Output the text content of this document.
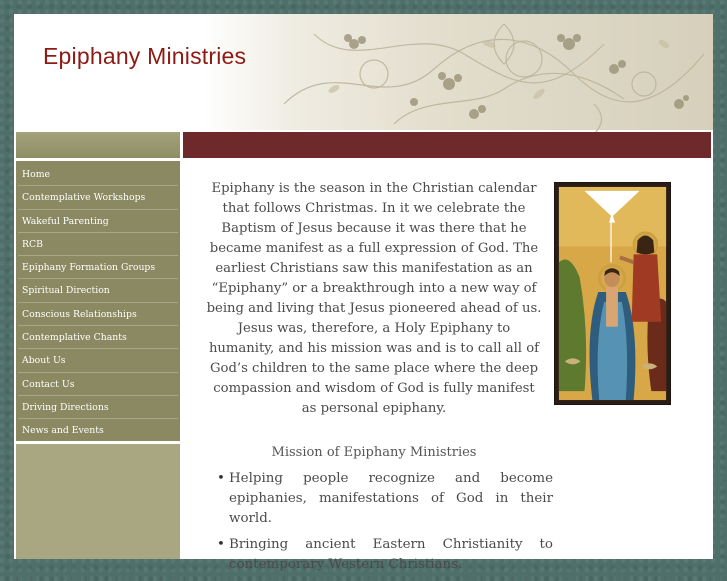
Epiphany Ministries
Home
Contemplative Workshops
Wakeful Parenting
RCB
Epiphany Formation Groups
Spiritual Direction
Conscious Relationships
Contemplative Chants
About Us
Contact Us
Driving Directions
News and Events

Epiphany is the season in the Christian calendar that follows Christmas. In it we celebrate the Baptism of Jesus because it was there that he became manifest as a full expression of God. The earliest Christians saw this manifestation as an “Epiphany” or a breakthrough into a new way of being and living that Jesus pioneered ahead of us. Jesus was, therefore, a Holy Epiphany to humanity, and his mission was and is to call all of God’s children to the same place where the deep compassion and wisdom of God is fully manifest as personal epiphany.

Mission of Epiphany Ministries
• Helping people recognize and become epiphanies, manifestations of God in their world.
• Bringing ancient Eastern Christianity to contemporary Western Christians.
